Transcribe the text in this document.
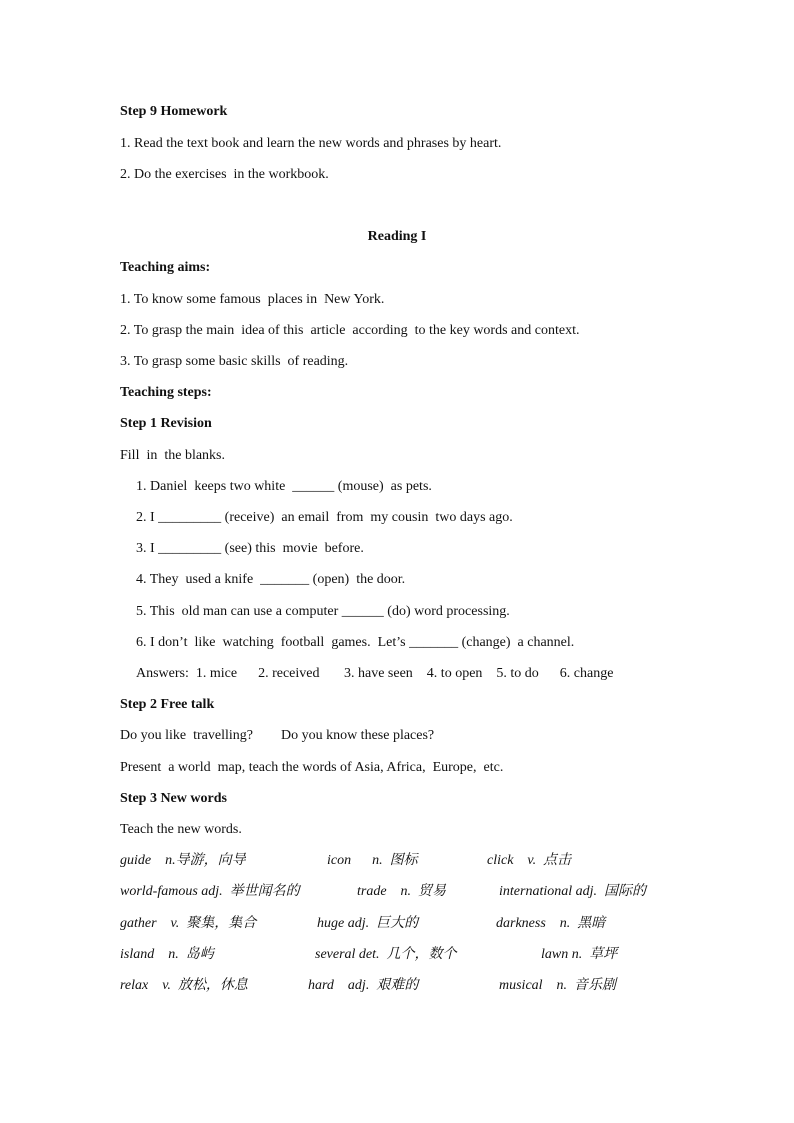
Step 9 Homework
1. Read the text book and learn the new words and phrases by heart.
2. Do the exercises  in the workbook.
Reading I
Teaching aims:
1. To know some famous  places in  New York.
2. To grasp the main  idea of this  article  according  to the key words and context.
3. To grasp some basic skills  of reading.
Teaching steps:
Step 1 Revision
Fill  in  the blanks.
1. Daniel  keeps two white  ______ (mouse)  as pets.
2. I _________ (receive)  an email  from  my cousin  two days ago.
3. I _________ (see) this  movie  before.
4. They  used a knife  _______ (open)  the door.
5. This  old man can use a computer ______ (do) word processing.
6. I don’t  like  watching  football  games.  Let’s _______ (change)  a channel.
Answers:  1. mice      2. received       3. have seen    4. to open    5. to do      6. change
Step 2 Free talk
Do you like  travelling?        Do you know these places?
Present  a world  map, teach the words of Asia, Africa,  Europe,  etc.
Step 3 New words
Teach the new words.
guide    n.导游，向导	icon      n.  图标	click    v.  点击
world-famous adj.  举世闻名的	trade    n.  贸易	international adj.  国际的
gather    v.  聚集，集合	huge adj.  巨大的	darkness    n.  黑暗
island    n.  岛屿	several det.  几个，数个	lawn n.  草坪
relax    v.  放松，休息	hard    adj.  艰难的	musical    n.  音乐剧
